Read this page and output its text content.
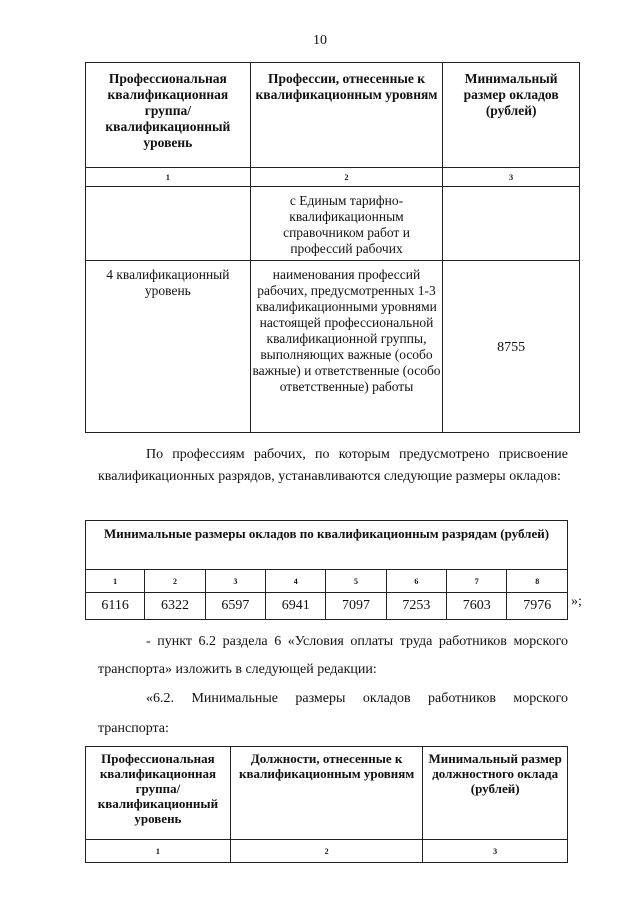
10
Профессиональная квалификационная группа/ квалификационный уровень	Профессии, отнесенные к квалификационным уровням	Минимальный размер окладов (рублей)
1	2	3
	с Единым тарифно-квалификационным справочником работ и профессий рабочих	
4 квалификационный уровень	наименования профессий рабочих, предусмотренных 1-3 квалификационными уровнями настоящей профессиональной квалификационной группы, выполняющих важные (особо важные) и ответственные (особо ответственные) работы	8755
По профессиям рабочих, по которым предусмотрено присвоение квалификационных разрядов, устанавливаются следующие размеры окладов:
Минимальные размеры окладов по квалификационным разрядам (рублей)							
1	2	3	4	5	6	7	8
6116	6322	6597	6941	7097	7253	7603	7976 »;
- пункт 6.2 раздела 6 «Условия оплаты труда работников морского транспорта» изложить в следующей редакции:
«6.2. Минимальные размеры окладов работников морского транспорта:
Профессиональная квалификационная группа/ квалификационный уровень	Должности, отнесенные к квалификационным уровням	Минимальный размер должностного оклада (рублей)
1	2	3
